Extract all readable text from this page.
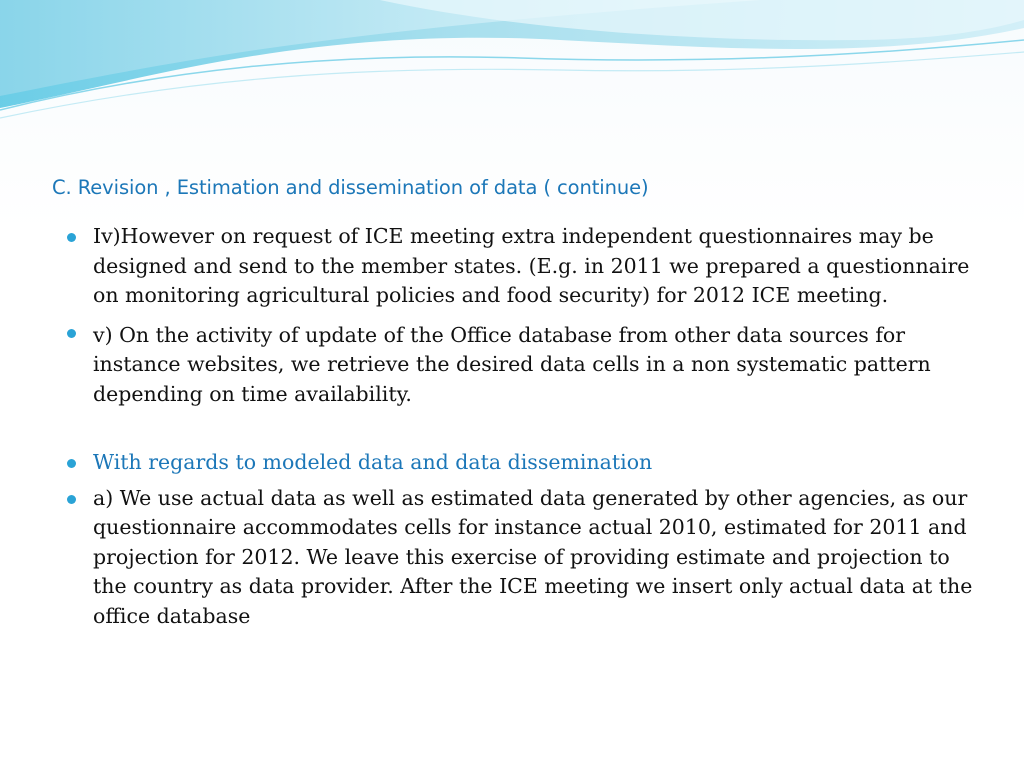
C. Revision , Estimation and dissemination of data ( continue)
Iv)However on request of ICE meeting extra independent questionnaires may be designed and send to the member states. (E.g. in 2011 we prepared a questionnaire on monitoring agricultural policies and food security) for 2012 ICE meeting.
v) On the activity of update of the Office database from other data sources for instance websites, we retrieve the desired data cells in a non systematic pattern depending on time availability.
With regards to modeled data and data dissemination
a) We use actual data as well as estimated data generated by other agencies, as our questionnaire accommodates cells for instance actual 2010, estimated for 2011 and projection for 2012. We leave this exercise of providing estimate and projection to the country as data provider. After the ICE meeting we insert only actual data at the office database
